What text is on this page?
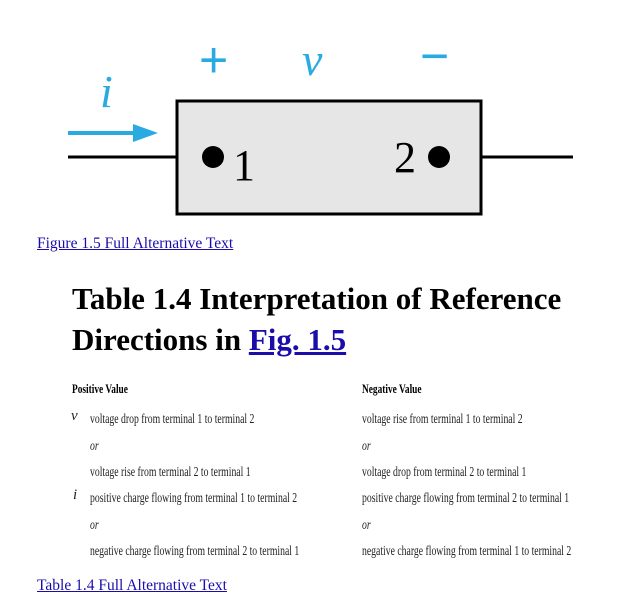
1	2
i
v
+	−
Figure 1.5 Full Alternative Text
Table 1.4 Interpretation of Reference Directions in Fig. 1.5
Positive Value	Negative Value
v voltage drop from terminal 1 to terminal 2	voltage rise from terminal 1 to terminal 2
or	or
voltage rise from terminal 2 to terminal 1	voltage drop from terminal 2 to terminal 1
i positive charge flowing from terminal 1 to terminal 2	positive charge flowing from terminal 2 to terminal 1
or	or
negative charge flowing from terminal 2 to terminal 1	negative charge flowing from terminal 1 to terminal 2
Table 1.4 Full Alternative Text
